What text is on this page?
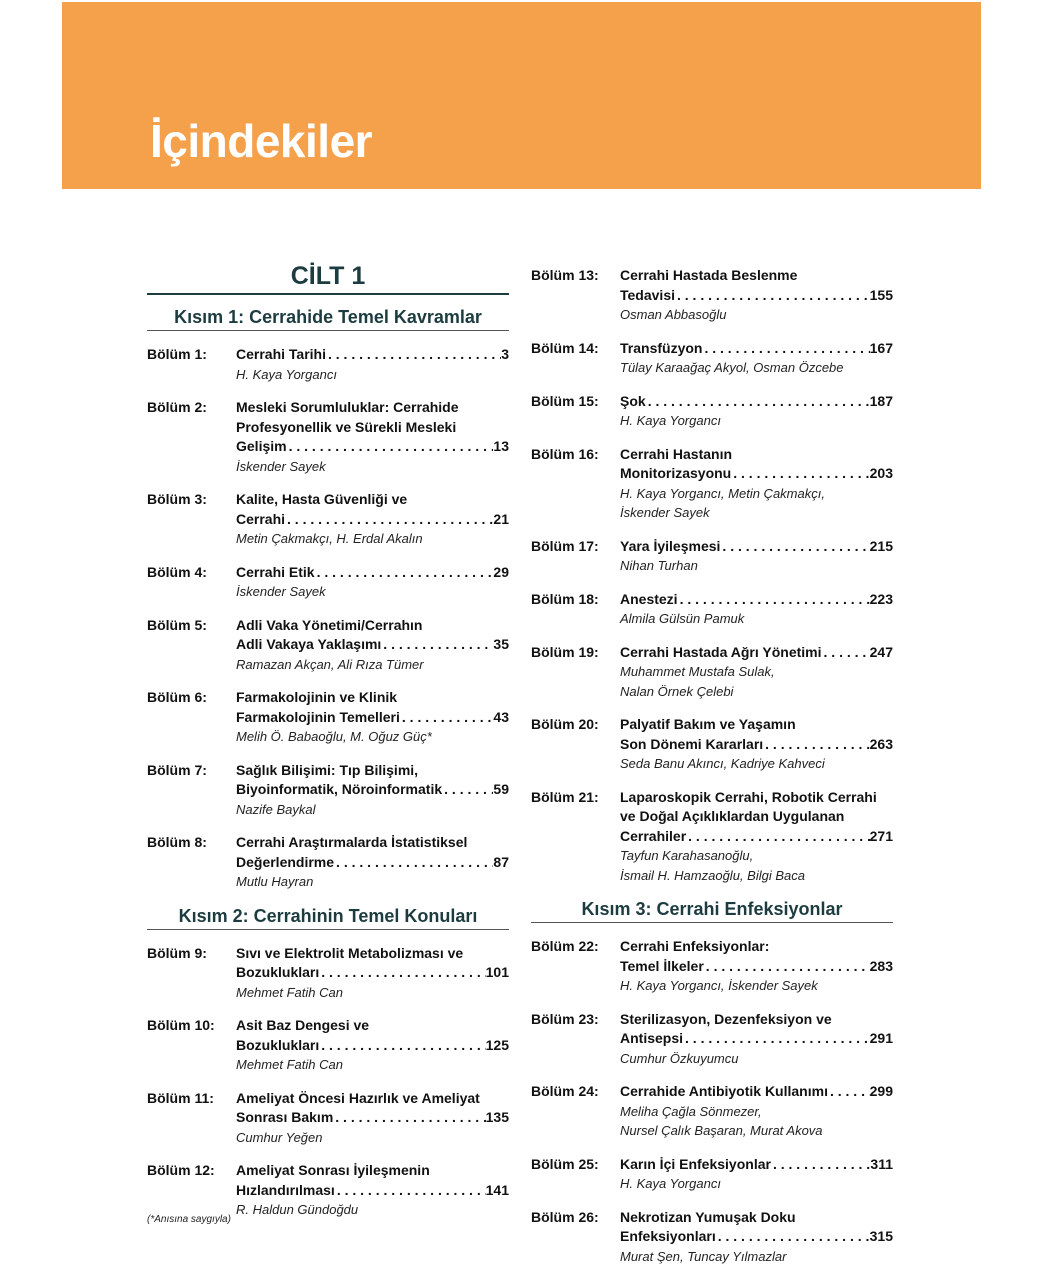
İçindekiler
CİLT 1
Kısım 1: Cerrahide Temel Kavramlar
Bölüm 1:	Cerrahi Tarihi . . .	3
H. Kaya Yorgancı
Bölüm 2:	Mesleki Sorumluluklar: Cerrahide
Profesyonellik ve Sürekli Mesleki
Gelişim . . .	13
İskender Sayek
Bölüm 3:	Kalite, Hasta Güvenliği ve
Cerrahi . . .	21
Metin Çakmakçı, H. Erdal Akalın
Bölüm 4:	Cerrahi Etik . . .	29
İskender Sayek
Bölüm 5:	Adli Vaka Yönetimi/Cerrahın
Adli Vakaya Yaklaşımı . . .	35
Ramazan Akçan, Ali Rıza Tümer
Bölüm 6:	Farmakolojinin ve Klinik
Farmakolojinin Temelleri . . .	43
Melih Ö. Babaoğlu, M. Oğuz Güç*
Bölüm 7:	Sağlık Bilişimi: Tıp Bilişimi,
Biyoinformatik, Nöroinformatik . . .	59
Nazife Baykal
Bölüm 8:	Cerrahi Araştırmalarda İstatistiksel
Değerlendirme . . .	87
Mutlu Hayran
Kısım 2: Cerrahinin Temel Konuları
Bölüm 9:	Sıvı ve Elektrolit Metabolizması ve
Bozuklukları . . .	101
Mehmet Fatih Can
Bölüm 10:	Asit Baz Dengesi ve
Bozuklukları . . .	125
Mehmet Fatih Can
Bölüm 11:	Ameliyat Öncesi Hazırlık ve Ameliyat
Sonrası Bakım . . .	135
Cumhur Yeğen
Bölüm 12:	Ameliyat Sonrası İyileşmenin
Hızlandırılması . . .	141
R. Haldun Gündoğdu
Bölüm 13:	Cerrahi Hastada Beslenme
Tedavisi . . .	155
Osman Abbasoğlu
Bölüm 14:	Transfüzyon . . .	167
Tülay Karaağaç Akyol, Osman Özcebe
Bölüm 15:	Şok . . .	187
H. Kaya Yorgancı
Bölüm 16:	Cerrahi Hastanın
Monitorizasyonu . . .	203
H. Kaya Yorgancı, Metin Çakmakçı,
İskender Sayek
Bölüm 17:	Yara İyileşmesi . . .	215
Nihan Turhan
Bölüm 18:	Anestezi . . .	223
Almila Gülsün Pamuk
Bölüm 19:	Cerrahi Hastada Ağrı Yönetimi . . .	247
Muhammet Mustafa Sulak,
Nalan Örnek Çelebi
Bölüm 20:	Palyatif Bakım ve Yaşamın
Son Dönemi Kararları . . .	263
Seda Banu Akıncı, Kadriye Kahveci
Bölüm 21:	Laparoskopik Cerrahi, Robotik Cerrahi
ve Doğal Açıklıklardan Uygulanan
Cerrahiler . . .	271
Tayfun Karahasanoğlu,
İsmail H. Hamzaoğlu, Bilgi Baca
Kısım 3: Cerrahi Enfeksiyonlar
Bölüm 22:	Cerrahi Enfeksiyonlar:
Temel İlkeler . . .	283
H. Kaya Yorgancı, İskender Sayek
Bölüm 23:	Sterilizasyon, Dezenfeksiyon ve
Antisepsi . . .	291
Cumhur Özkuyumcu
Bölüm 24:	Cerrahide Antibiyotik Kullanımı . . .	299
Meliha Çağla Sönmezer,
Nursel Çalık Başaran, Murat Akova
Bölüm 25:	Karın İçi Enfeksiyonlar . . .	311
H. Kaya Yorgancı
Bölüm 26:	Nekrotizan Yumuşak Doku
Enfeksiyonları . . .	315
Murat Şen, Tuncay Yılmazlar
(*Anısına saygıyla)
